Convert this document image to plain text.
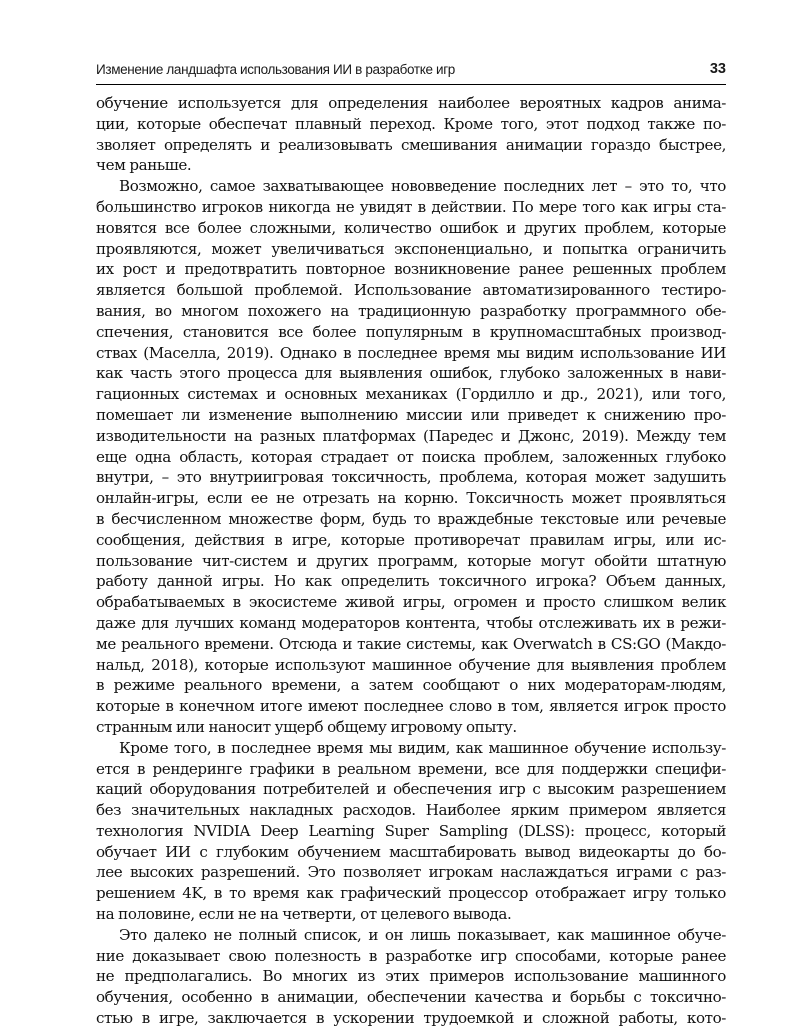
Изменение ландшафта использования ИИ в разработке игр	33
обучение используется для определения наиболее вероятных кадров анима-
ции, которые обеспечат плавный переход. Кроме того, этот подход также по-
зволяет определять и реализовывать смешивания анимации гораздо быстрее,
чем раньше.
Возможно, самое захватывающее нововведение последних лет – это то, что
большинство игроков никогда не увидят в действии. По мере того как игры ста-
новятся все более сложными, количество ошибок и других проблем, которые
проявляются, может увеличиваться экспоненциально, и попытка ограничить
их рост и предотвратить повторное возникновение ранее решенных проблем
является большой проблемой. Использование автоматизированного тестиро-
вания, во многом похожего на традиционную разработку программного обе-
спечения, становится все более популярным в крупномасштабных производ-
ствах (Маселла, 2019). Однако в последнее время мы видим использование ИИ
как часть этого процесса для выявления ошибок, глубоко заложенных в нави-
гационных системах и основных механиках (Гордилло и др., 2021), или того,
помешает ли изменение выполнению миссии или приведет к снижению про-
изводительности на разных платформах (Паредес и Джонс, 2019). Между тем
еще одна область, которая страдает от поиска проблем, заложенных глубоко
внутри, – это внутриигровая токсичность, проблема, которая может задушить
онлайн-игры, если ее не отрезать на корню. Токсичность может проявляться
в бесчисленном множестве форм, будь то враждебные текстовые или речевые
сообщения, действия в игре, которые противоречат правилам игры, или ис-
пользование чит-систем и других программ, которые могут обойти штатную
работу данной игры. Но как определить токсичного игрока? Объем данных,
обрабатываемых в экосистеме живой игры, огромен и просто слишком велик
даже для лучших команд модераторов контента, чтобы отслеживать их в режи-
ме реального времени. Отсюда и такие системы, как Overwatch в CS:GO (Макдо-
нальд, 2018), которые используют машинное обучение для выявления проблем
в режиме реального времени, а затем сообщают о них модераторам-людям,
которые в конечном итоге имеют последнее слово в том, является игрок просто
странным или наносит ущерб общему игровому опыту.
Кроме того, в последнее время мы видим, как машинное обучение использу-
ется в рендеринге графики в реальном времени, все для поддержки специфи-
каций оборудования потребителей и обеспечения игр с высоким разрешением
без значительных накладных расходов. Наиболее ярким примером является
технология NVIDIA Deep Learning Super Sampling (DLSS): процесс, который
обучает ИИ с глубоким обучением масштабировать вывод видеокарты до бо-
лее высоких разрешений. Это позволяет игрокам наслаждаться играми с раз-
решением 4K, в то время как графический процессор отображает игру только
на половине, если не на четверти, от целевого вывода.
Это далеко не полный список, и он лишь показывает, как машинное обуче-
ние доказывает свою полезность в разработке игр способами, которые ранее
не предполагались. Во многих из этих примеров использование машинного
обучения, особенно в анимации, обеспечении качества и борьбы с токсично-
стью в игре, заключается в ускорении трудоемкой и сложной работы, кото-
